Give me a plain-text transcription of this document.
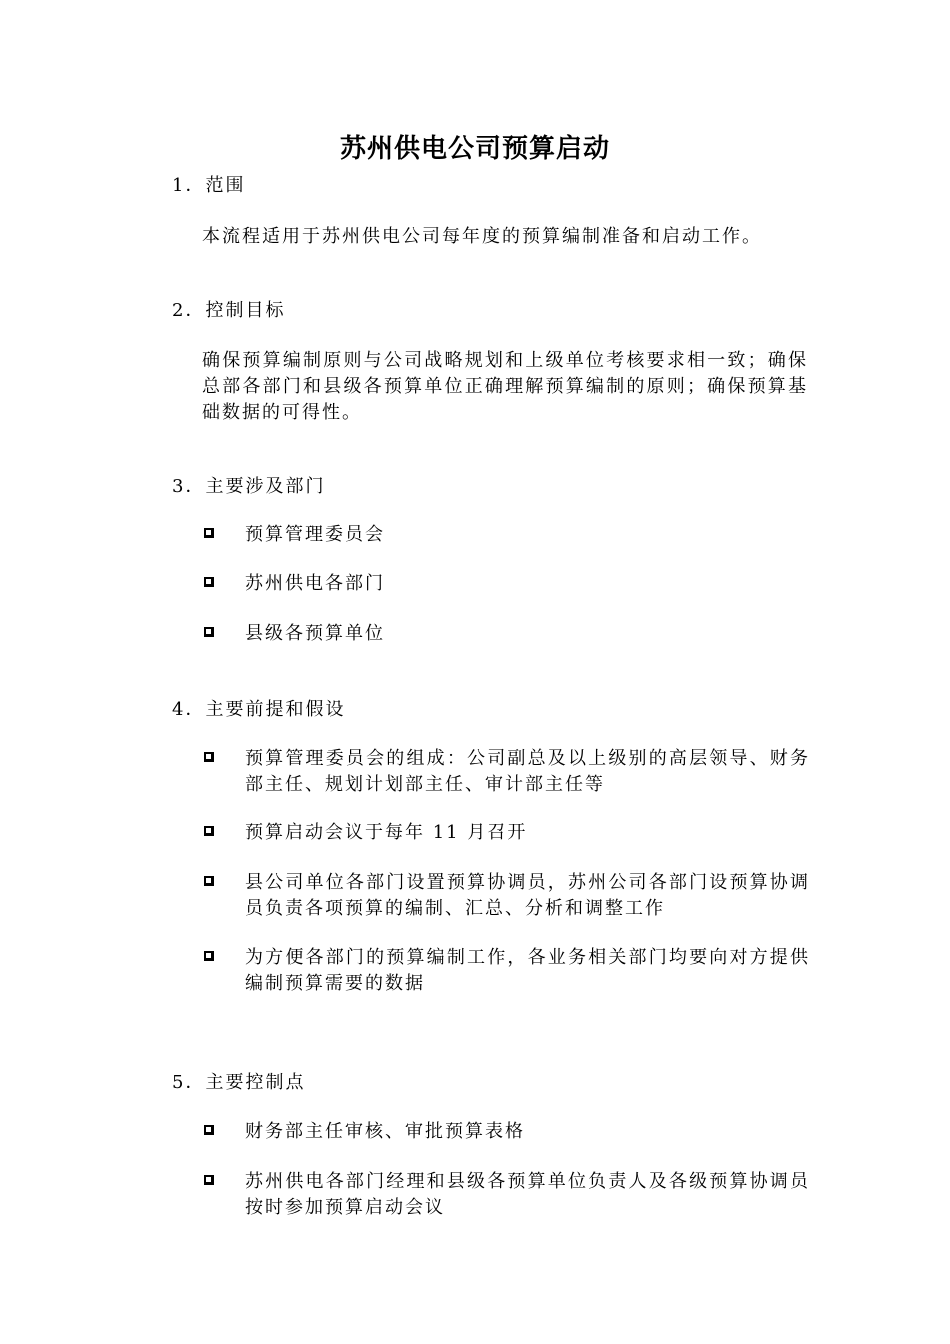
苏州供电公司预算启动
1．范围
本流程适用于苏州供电公司每年度的预算编制准备和启动工作。
2．控制目标
确保预算编制原则与公司战略规划和上级单位考核要求相一致；确保总部各部门和县级各预算单位正确理解预算编制的原则；确保预算基础数据的可得性。
3．主要涉及部门
预算管理委员会
苏州供电各部门
县级各预算单位
4．主要前提和假设
预算管理委员会的组成：公司副总及以上级别的高层领导、财务部主任、规划计划部主任、审计部主任等
预算启动会议于每年 11 月召开
县公司单位各部门设置预算协调员，苏州公司各部门设预算协调员负责各项预算的编制、汇总、分析和调整工作
为方便各部门的预算编制工作，各业务相关部门均要向对方提供编制预算需要的数据
5．主要控制点
财务部主任审核、审批预算表格
苏州供电各部门经理和县级各预算单位负责人及各级预算协调员按时参加预算启动会议
